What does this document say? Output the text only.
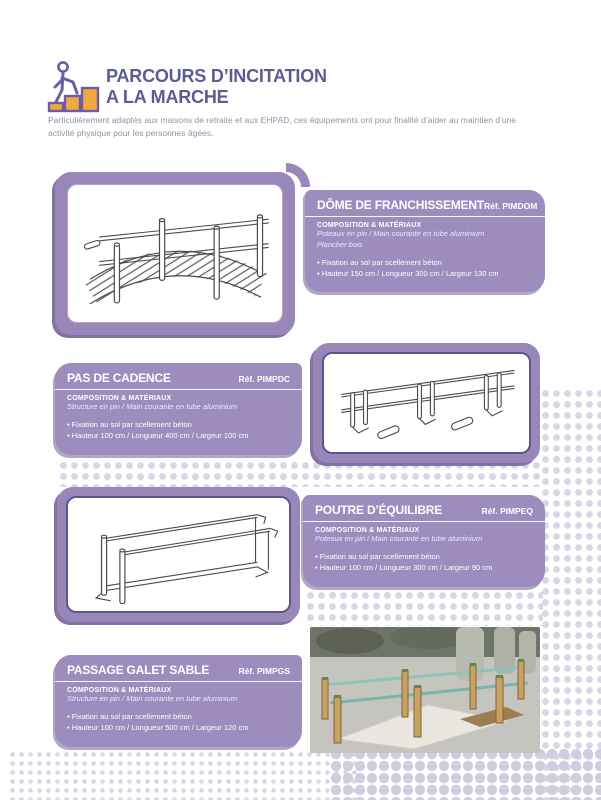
PARCOURS D’INCITATION
A LA MARCHE

Particulièrement adaptés aux maisons de retraite et aux EHPAD, ces équipements ont pour finalité d’aider au maintien d’une activité physique pour les personnes âgées.

DÔME DE FRANCHISSEMENT Réf. PIMDOM
COMPOSITION & MATÉRIAUX
Poteaux en pin / Main courante en tube aluminium
Plancher bois
• Fixation au sol par scellement béton
• Hauteur 150 cm / Longueur 300 cm / Largeur 130 cm
PAS DE CADENCE	Réf. PIMPDC
COMPOSITION & MATÉRIAUX
Structure en pin / Main courante en tube aluminium
• Fixation au sol par scellement béton
• Hauteur 100 cm / Longueur 400 cm / Largeur 100 cm
POUTRE D’ÉQUILIBRE	Réf. PIMPEQ
COMPOSITION & MATÉRIAUX
Poteaux en pin / Main courante en tube aluminium
• Fixation au sol par scellement béton
• Hauteur 100 cm / Longueur 300 cm / Largeur 90 cm
PASSAGE GALET SABLE	Réf. PIMPGS
COMPOSITION & MATÉRIAUX
Structure en pin / Main courante en tube aluminium
• Fixation au sol par scellement béton
• Hauteur 100 cm / Longueur 500 cm / Largeur 120 cm
